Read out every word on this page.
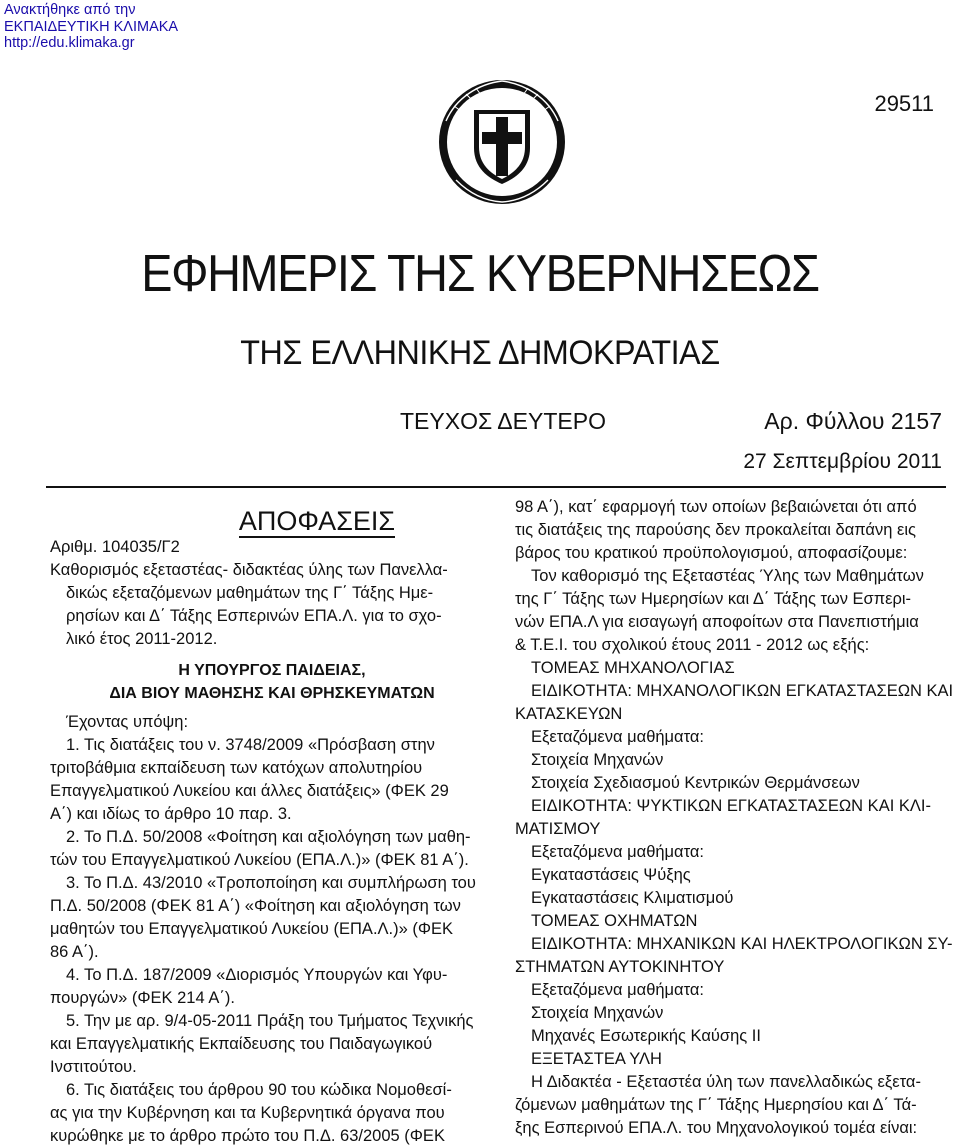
Ανακτήθηκε από την
ΕΚΠΑΙΔΕΥΤΙΚΗ ΚΛΙΜΑΚΑ
http://edu.klimaka.gr
29511
ΕΦΗΜΕΡΙΣ ΤΗΣ ΚΥΒΕΡΝΗΣΕΩΣ
ΤΗΣ ΕΛΛΗΝΙΚΗΣ ΔΗΜΟΚΡΑΤΙΑΣ
ΤΕΥΧΟΣ ΔΕΥΤΕΡΟ	Αρ. Φύλλου 2157
27 Σεπτεμβρίου 2011

ΑΠΟΦΑΣΕΙΣ

Αριθμ. 104035/Γ2

Καθορισμός εξεταστέας- διδακτέας ύλης των Πανελλα-

δικώς εξεταζόμενων μαθημάτων της Γ΄ Τάξης Ημε-

ρησίων και Δ΄ Τάξης Εσπερινών ΕΠΑ.Λ. για το σχο-

λικό έτος 2011-2012.

Η ΥΠΟΥΡΓΟΣ ΠΑΙΔΕΙΑΣ,

ΔΙΑ ΒΙΟΥ ΜΑΘΗΣΗΣ ΚΑΙ ΘΡΗΣΚΕΥΜΑΤΩΝ

Έχοντας υπόψη:

1. Τις διατάξεις του ν. 3748/2009 «Πρόσβαση στην

τριτοβάθμια εκπαίδευση των κατόχων απολυτηρίου

Επαγγελματικού Λυκείου και άλλες διατάξεις» (ΦΕΚ 29

Α΄) και ιδίως το άρθρο 10 παρ. 3.

2. Το Π.Δ. 50/2008 «Φοίτηση και αξιολόγηση των μαθη-

τών του Επαγγελματικού Λυκείου (ΕΠΑ.Λ.)» (ΦΕΚ 81 Α΄).

3. Το Π.Δ. 43/2010 «Τροποποίηση και συμπλήρωση του

Π.Δ. 50/2008 (ΦΕΚ 81 Α΄) «Φοίτηση και αξιολόγηση των

μαθητών του Επαγγελματικού Λυκείου (ΕΠΑ.Λ.)» (ΦΕΚ

86 Α΄).

4. Το Π.Δ. 187/2009 «Διορισμός Υπουργών και Υφυ-

πουργών» (ΦΕΚ 214 Α΄).

5. Την με αρ. 9/4-05-2011 Πράξη του Τμήματος Τεχνικής

και Επαγγελματικής Εκπαίδευσης του Παιδαγωγικού

Ινστιτούτου.

6. Τις διατάξεις του άρθρου 90 του κώδικα Νομοθεσί-

ας για την Κυβέρνηση και τα Κυβερνητικά όργανα που

κυρώθηκε με το άρθρο πρώτο του Π.Δ. 63/2005 (ΦΕΚ

98 Α΄), κατ΄ εφαρμογή των οποίων βεβαιώνεται ότι από

τις διατάξεις της παρούσης δεν προκαλείται δαπάνη εις

βάρος του κρατικού προϋπολογισμού, αποφασίζουμε:

Τον καθορισμό της Εξεταστέας Ύλης των Μαθημάτων

της Γ΄ Τάξης των Ημερησίων και Δ΄ Τάξης των Εσπερι-

νών ΕΠΑ.Λ για εισαγωγή αποφοίτων στα Πανεπιστήμια

& Τ.Ε.Ι. του σχολικού έτους 2011 - 2012 ως εξής:

ΤΟΜΕΑΣ ΜΗΧΑΝΟΛΟΓΙΑΣ

ΕΙΔΙΚΟΤΗΤΑ: ΜΗΧΑΝΟΛΟΓΙΚΩΝ ΕΓΚΑΤΑΣΤΑΣΕΩΝ ΚΑΙ

ΚΑΤΑΣΚΕΥΩΝ

Εξεταζόμενα μαθήματα:

Στοιχεία Μηχανών

Στοιχεία Σχεδιασμού Κεντρικών Θερμάνσεων

ΕΙΔΙΚΟΤΗΤΑ: ΨΥΚΤΙΚΩΝ ΕΓΚΑΤΑΣΤΑΣΕΩΝ ΚΑΙ ΚΛΙ-

ΜΑΤΙΣΜΟΥ

Εξεταζόμενα μαθήματα:

Εγκαταστάσεις Ψύξης

Εγκαταστάσεις Κλιματισμού

ΤΟΜΕΑΣ ΟΧΗΜΑΤΩΝ

ΕΙΔΙΚΟΤΗΤΑ: ΜΗΧΑΝΙΚΩΝ ΚΑΙ ΗΛΕΚΤΡΟΛΟΓΙΚΩΝ ΣΥ-

ΣΤΗΜΑΤΩΝ ΑΥΤΟΚΙΝΗΤΟΥ

Εξεταζόμενα μαθήματα:

Στοιχεία Μηχανών

Μηχανές Εσωτερικής Καύσης ΙΙ

ΕΞΕΤΑΣΤΕΑ ΥΛΗ

Η Διδακτέα - Εξεταστέα ύλη των πανελλαδικώς εξετα-

ζόμενων μαθημάτων της Γ΄ Τάξης Ημερησίου και Δ΄ Τά-

ξης Εσπερινού ΕΠΑ.Λ. του Μηχανολογικού τομέα είναι:
